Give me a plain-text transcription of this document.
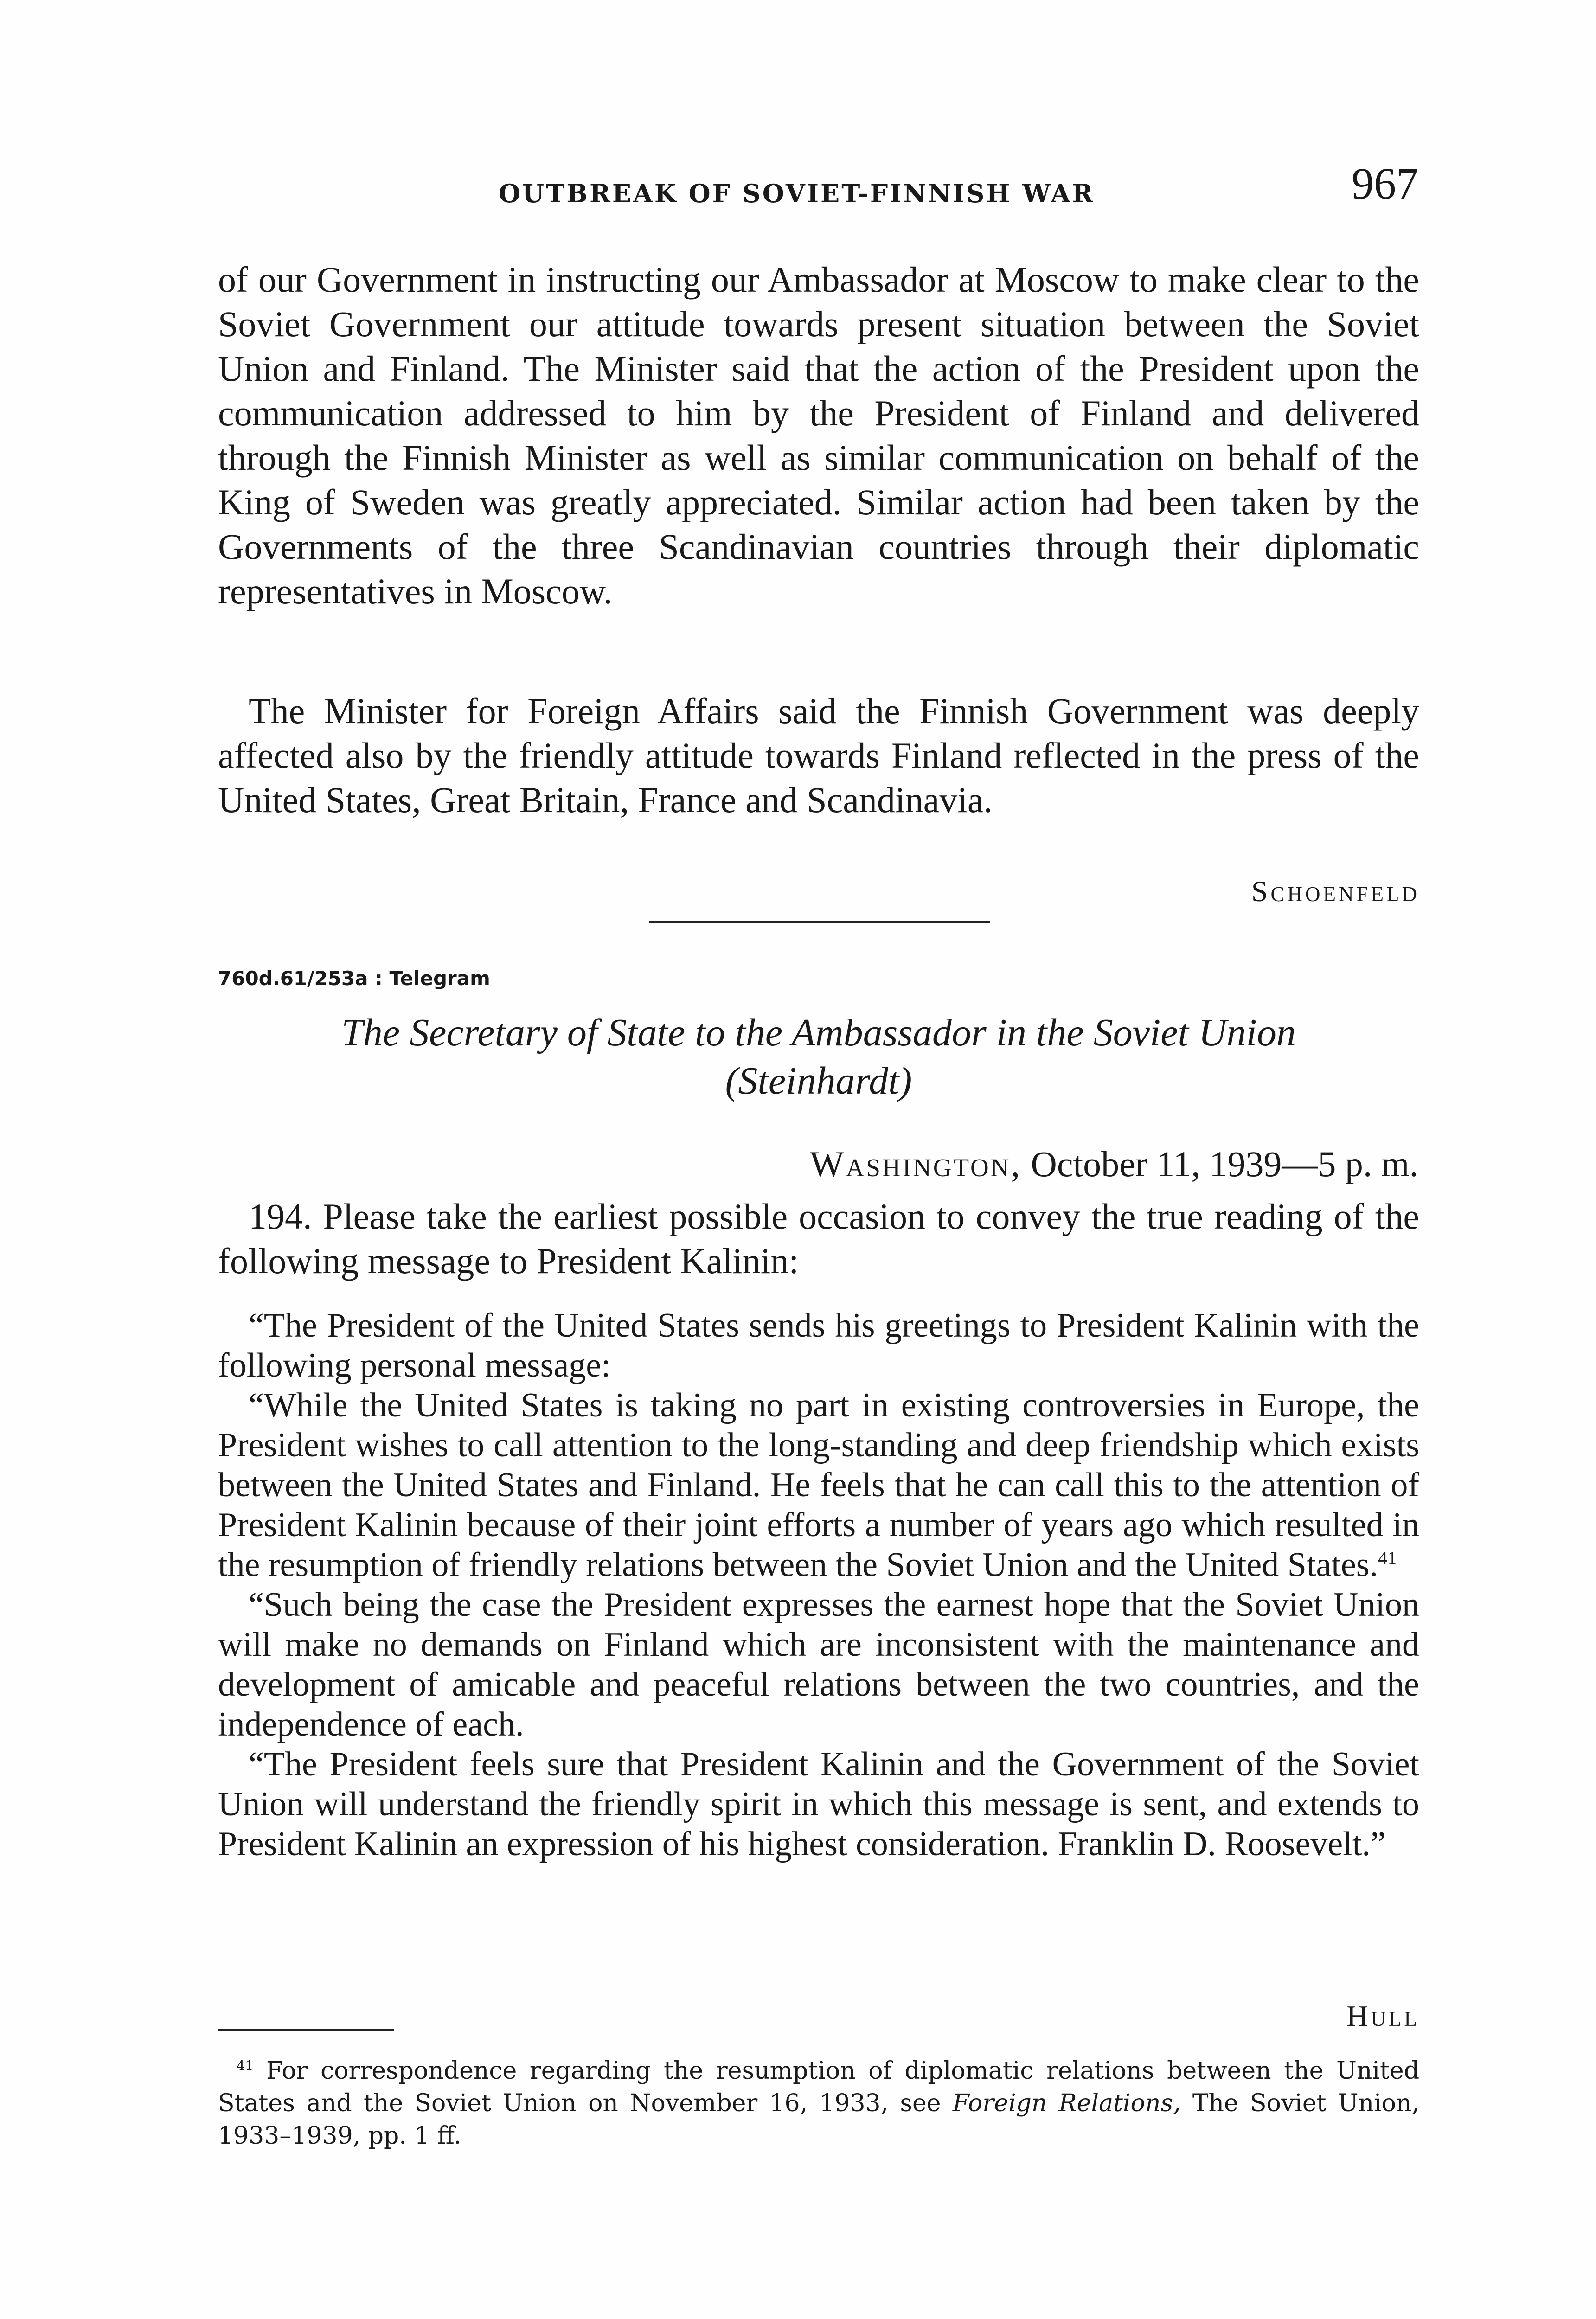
OUTBREAK OF SOVIET-FINNISH WAR	967

of our Government in instructing our Ambassador at Moscow to make clear to the Soviet Government our attitude towards present situation between the Soviet Union and Finland. The Minister said that the action of the President upon the communication addressed to him by the President of Finland and delivered through the Finnish Minister as well as similar communication on behalf of the King of Sweden was greatly appreciated. Similar action had been taken by the Governments of the three Scandinavian countries through their diplomatic representatives in Moscow.

The Minister for Foreign Affairs said the Finnish Government was deeply affected also by the friendly attitude towards Finland reflected in the press of the United States, Great Britain, France and Scandinavia.

Schoenfeld
760d.61/253a : Telegram
The Secretary of State to the Ambassador in the Soviet Union
(Steinhardt)
Washington, October 11, 1939—5 p. m.

194. Please take the earliest possible occasion to convey the true reading of the following message to President Kalinin:

“The President of the United States sends his greetings to President Kalinin with the following personal message:

“While the United States is taking no part in existing controversies in Europe, the President wishes to call attention to the long-standing and deep friendship which exists between the United States and Finland. He feels that he can call this to the attention of President Kalinin because of their joint efforts a number of years ago which resulted in the resumption of friendly relations between the Soviet Union and the United States.$^{41}$

“Such being the case the President expresses the earnest hope that the Soviet Union will make no demands on Finland which are inconsistent with the maintenance and development of amicable and peaceful relations between the two countries, and the independence of each.

“The President feels sure that President Kalinin and the Government of the Soviet Union will understand the friendly spirit in which this message is sent, and extends to President Kalinin an expression of his highest consideration. Franklin D. Roosevelt.”

Hull
$^{41}$ For correspondence regarding the resumption of diplomatic relations between the United States and the Soviet Union on November 16, 1933, see Foreign Relations, The Soviet Union, 1933–1939, pp. 1 ff.
